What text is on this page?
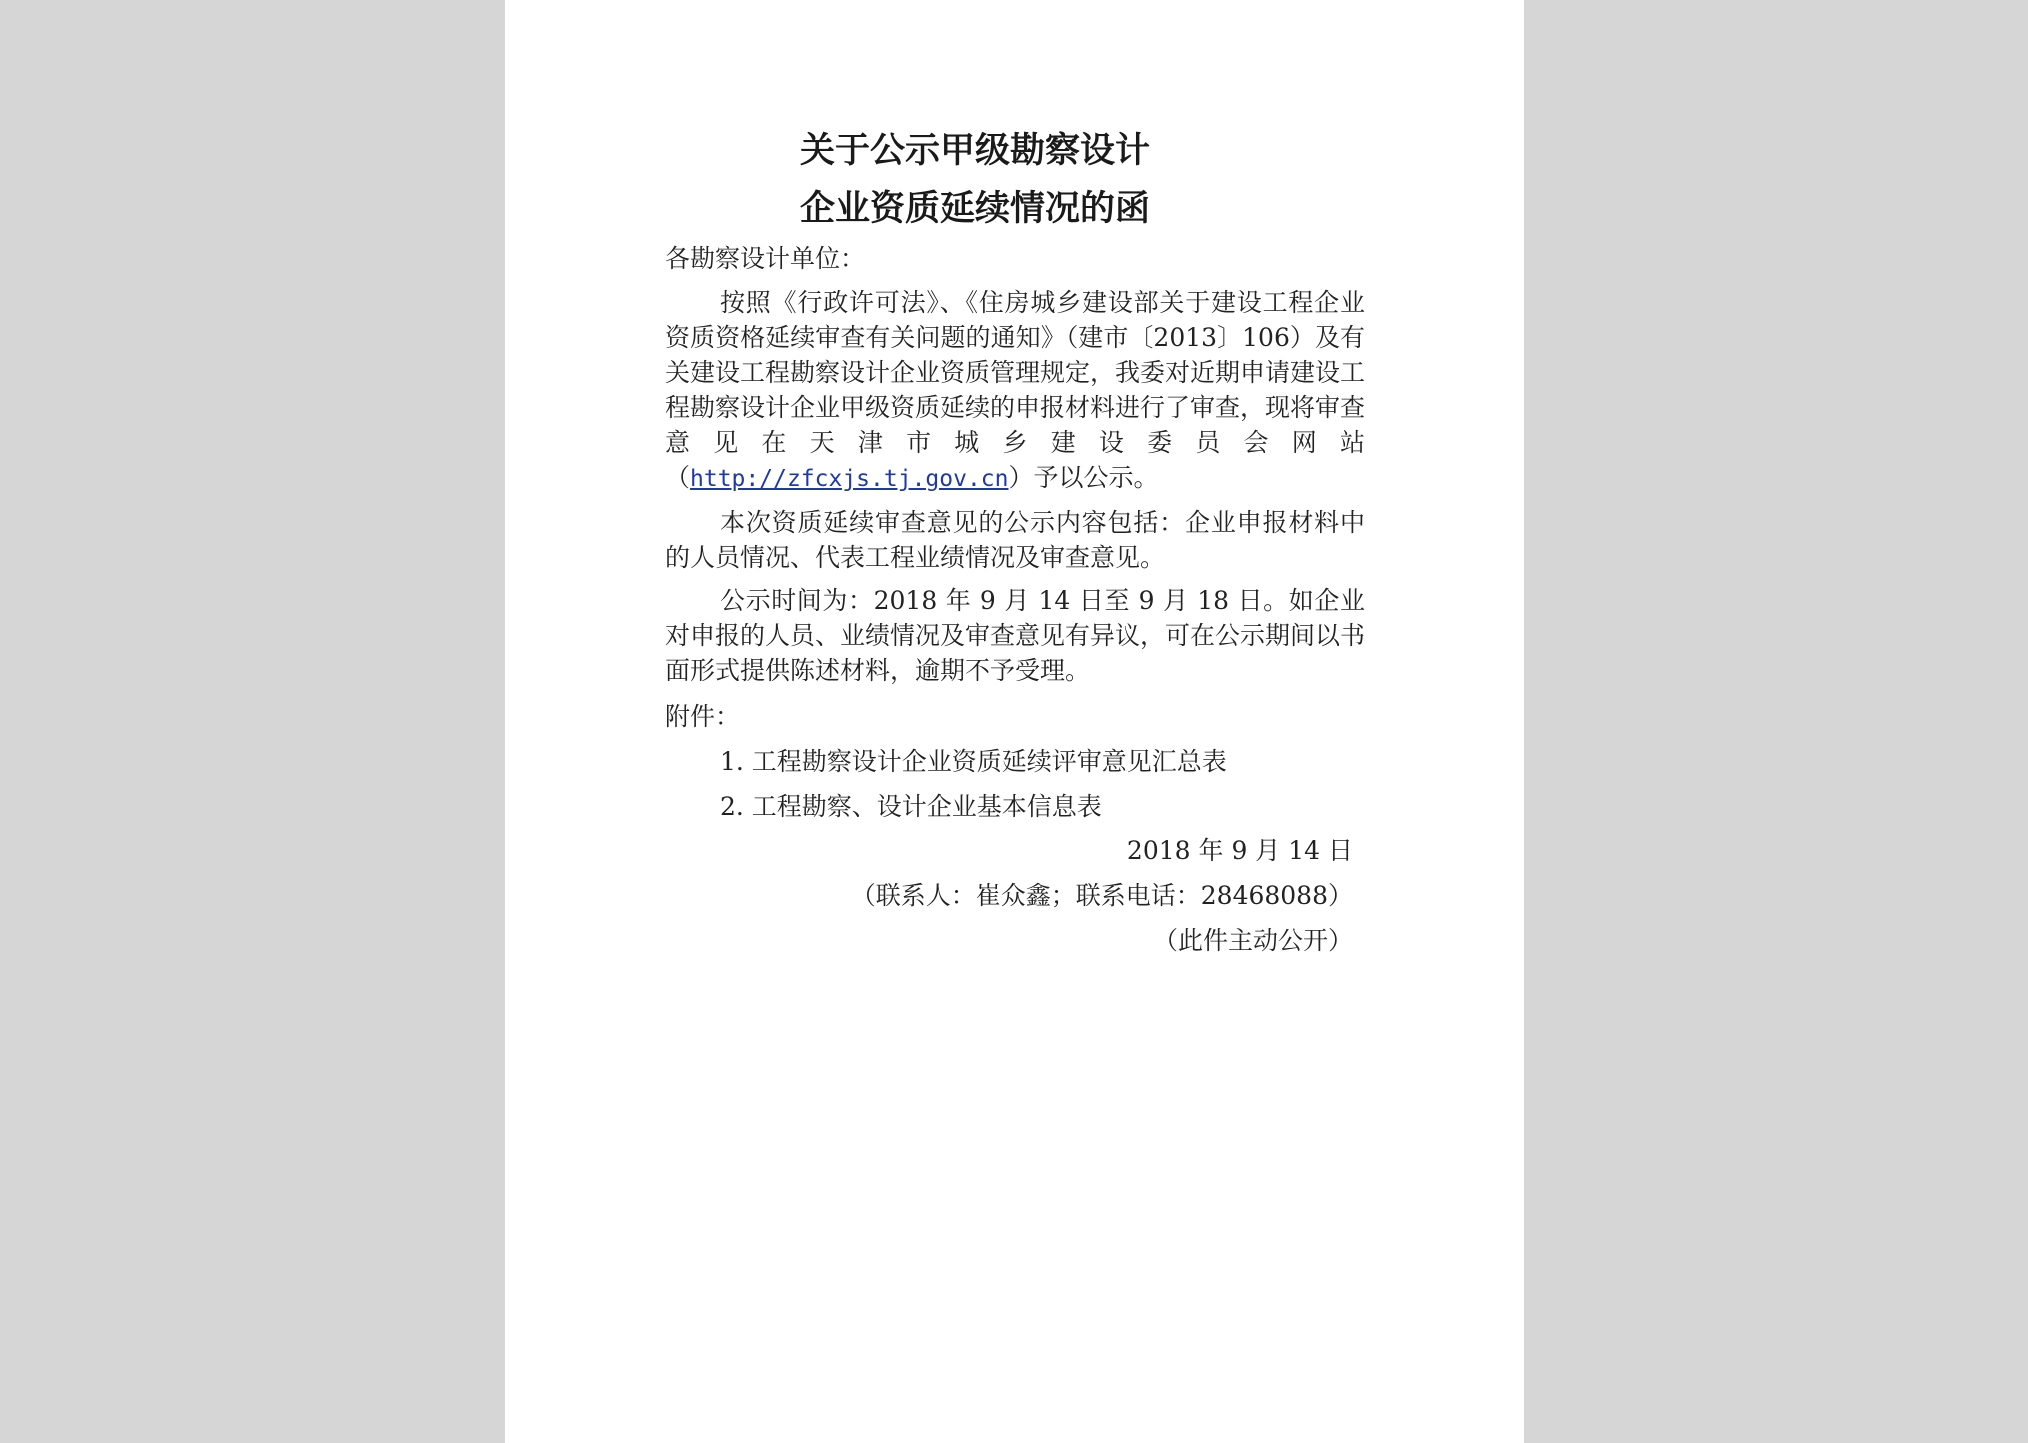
关于公示甲级勘察设计

企业资质延续情况的函

各勘察设计单位：

按照《行政许可法》、《住房城乡建设部关于建设工程企业资质资格延续审查有关问题的通知》（建市〔2013〕106）及有关建设工程勘察设计企业资质管理规定，我委对近期申请建设工程勘察设计企业甲级资质延续的申报材料进行了审查，现将审查意见在天津市城乡建设委员会网站（http://zfcxjs.tj.gov.cn）予以公示。

本次资质延续审查意见的公示内容包括：企业申报材料中的人员情况、代表工程业绩情况及审查意见。

公示时间为：2018 年 9 月 14 日至 9 月 18 日。如企业对申报的人员、业绩情况及审查意见有异议，可在公示期间以书面形式提供陈述材料，逾期不予受理。

附件：

1. 工程勘察设计企业资质延续评审意见汇总表

2. 工程勘察、设计企业基本信息表

2018 年 9 月 14 日

（联系人：崔众鑫；联系电话：28468088）

（此件主动公开）
